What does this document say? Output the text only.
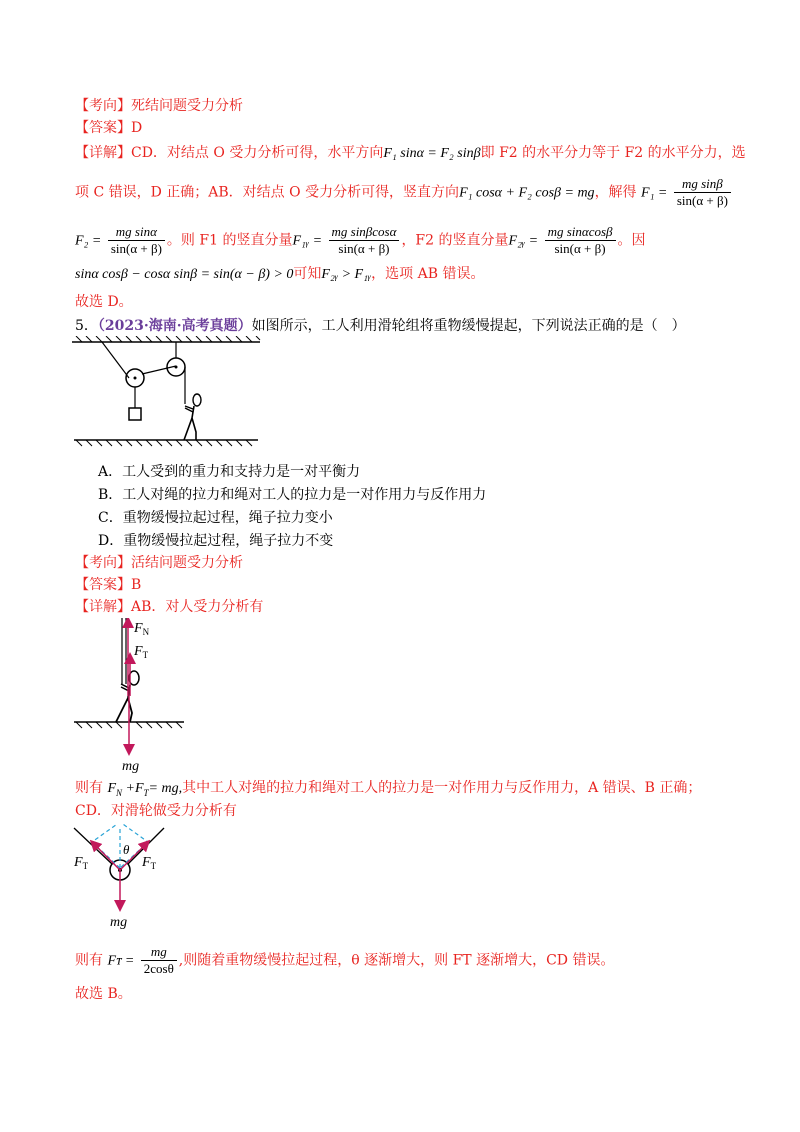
【考向】死结问题受力分析
【答案】D
【详解】CD．对结点 O 受力分析可得，水平方向F₁ sinα = F₂ sinβ即 F2 的水平分力等于 F2 的水平分力，选
项 C 错误，D 正确；AB．对结点 O 受力分析可得，竖直方向F₁ cosα + F₂ cosβ = mg，解得 $F_1 = \frac{\text{mg sinβ}}{\sin(\alpha + \beta)}$
$F_2 = \frac{\text{mg sinα}}{\sin(\alpha + \beta)}$ 。则 F1 的竖直分量F₁ᵧ = $\frac{\text{mg sinβcosα}}{\sin(\alpha + \beta)}$ ，F2 的竖直分量F₂ᵧ = $\frac{\text{mg sinαcosβ}}{\sin(\alpha + \beta)}$ 。因
sinα cosβ − cosα sinβ = sin(α − β) > 0可知F₂ᵧ > F₁ᵧ，选项 AB 错误。
故选 D。
5．（2023·海南·高考真题）如图所示，工人利用滑轮组将重物缓慢提起，下列说法正确的是（　）
A．工人受到的重力和支持力是一对平衡力
B．工人对绳的拉力和绳对工人的拉力是一对作用力与反作用力
C．重物缓慢拉起过程，绳子拉力变小
D．重物缓慢拉起过程，绳子拉力不变
【考向】活结问题受力分析
【答案】B
【详解】AB．对人受力分析有
$F_N$
$F_T$
mg
则有 $F_N +F_T=$ mg,其中工人对绳的拉力和绳对工人的拉力是一对作用力与反作用力，A 错误、B 正确；
CD．对滑轮做受力分析有
θ
$F_T$	$F_T$
mg
则有 Fᴛ = $\frac{mg}{2\cos\theta}$ ,则随着重物缓慢拉起过程，θ 逐渐增大，则 FT 逐渐增大，CD 错误。
故选 B。
